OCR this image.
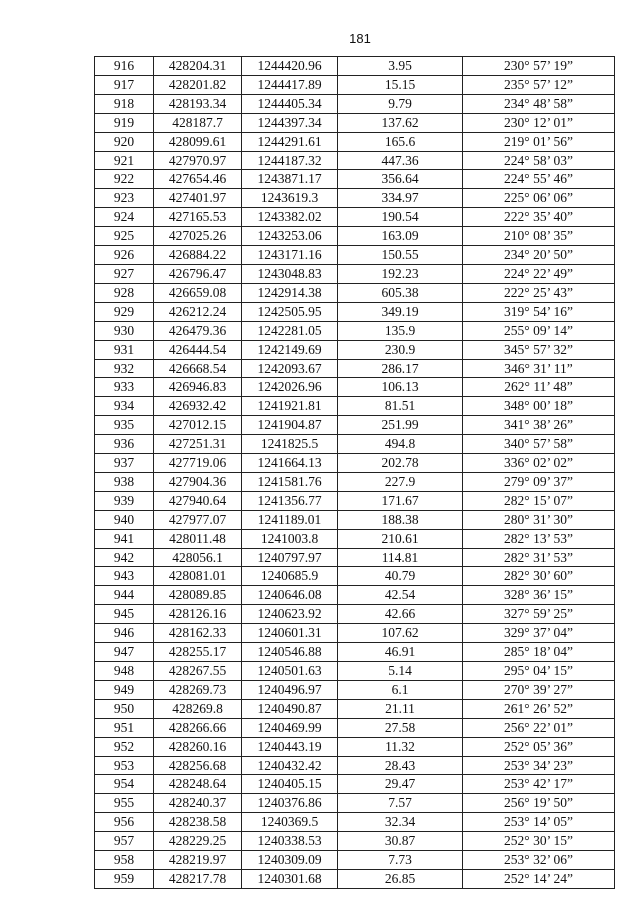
181
916	428204.31	1244420.96	3.95	230° 57’ 19”
917	428201.82	1244417.89	15.15	235° 57’ 12”
918	428193.34	1244405.34	9.79	234° 48’ 58”
919	428187.7	1244397.34	137.62	230° 12’ 01”
920	428099.61	1244291.61	165.6	219° 01’ 56”
921	427970.97	1244187.32	447.36	224° 58’ 03”
922	427654.46	1243871.17	356.64	224° 55’ 46”
923	427401.97	1243619.3	334.97	225° 06’ 06”
924	427165.53	1243382.02	190.54	222° 35’ 40”
925	427025.26	1243253.06	163.09	210° 08’ 35”
926	426884.22	1243171.16	150.55	234° 20’ 50”
927	426796.47	1243048.83	192.23	224° 22’ 49”
928	426659.08	1242914.38	605.38	222° 25’ 43”
929	426212.24	1242505.95	349.19	319° 54’ 16”
930	426479.36	1242281.05	135.9	255° 09’ 14”
931	426444.54	1242149.69	230.9	345° 57’ 32”
932	426668.54	1242093.67	286.17	346° 31’ 11”
933	426946.83	1242026.96	106.13	262° 11’ 48”
934	426932.42	1241921.81	81.51	348° 00’ 18”
935	427012.15	1241904.87	251.99	341° 38’ 26”
936	427251.31	1241825.5	494.8	340° 57’ 58”
937	427719.06	1241664.13	202.78	336° 02’ 02”
938	427904.36	1241581.76	227.9	279° 09’ 37”
939	427940.64	1241356.77	171.67	282° 15’ 07”
940	427977.07	1241189.01	188.38	280° 31’ 30”
941	428011.48	1241003.8	210.61	282° 13’ 53”
942	428056.1	1240797.97	114.81	282° 31’ 53”
943	428081.01	1240685.9	40.79	282° 30’ 60”
944	428089.85	1240646.08	42.54	328° 36’ 15”
945	428126.16	1240623.92	42.66	327° 59’ 25”
946	428162.33	1240601.31	107.62	329° 37’ 04”
947	428255.17	1240546.88	46.91	285° 18’ 04”
948	428267.55	1240501.63	5.14	295° 04’ 15”
949	428269.73	1240496.97	6.1	270° 39’ 27”
950	428269.8	1240490.87	21.11	261° 26’ 52”
951	428266.66	1240469.99	27.58	256° 22’ 01”
952	428260.16	1240443.19	11.32	252° 05’ 36”
953	428256.68	1240432.42	28.43	253° 34’ 23”
954	428248.64	1240405.15	29.47	253° 42’ 17”
955	428240.37	1240376.86	7.57	256° 19’ 50”
956	428238.58	1240369.5	32.34	253° 14’ 05”
957	428229.25	1240338.53	30.87	252° 30’ 15”
958	428219.97	1240309.09	7.73	253° 32’ 06”
959	428217.78	1240301.68	26.85	252° 14’ 24”
